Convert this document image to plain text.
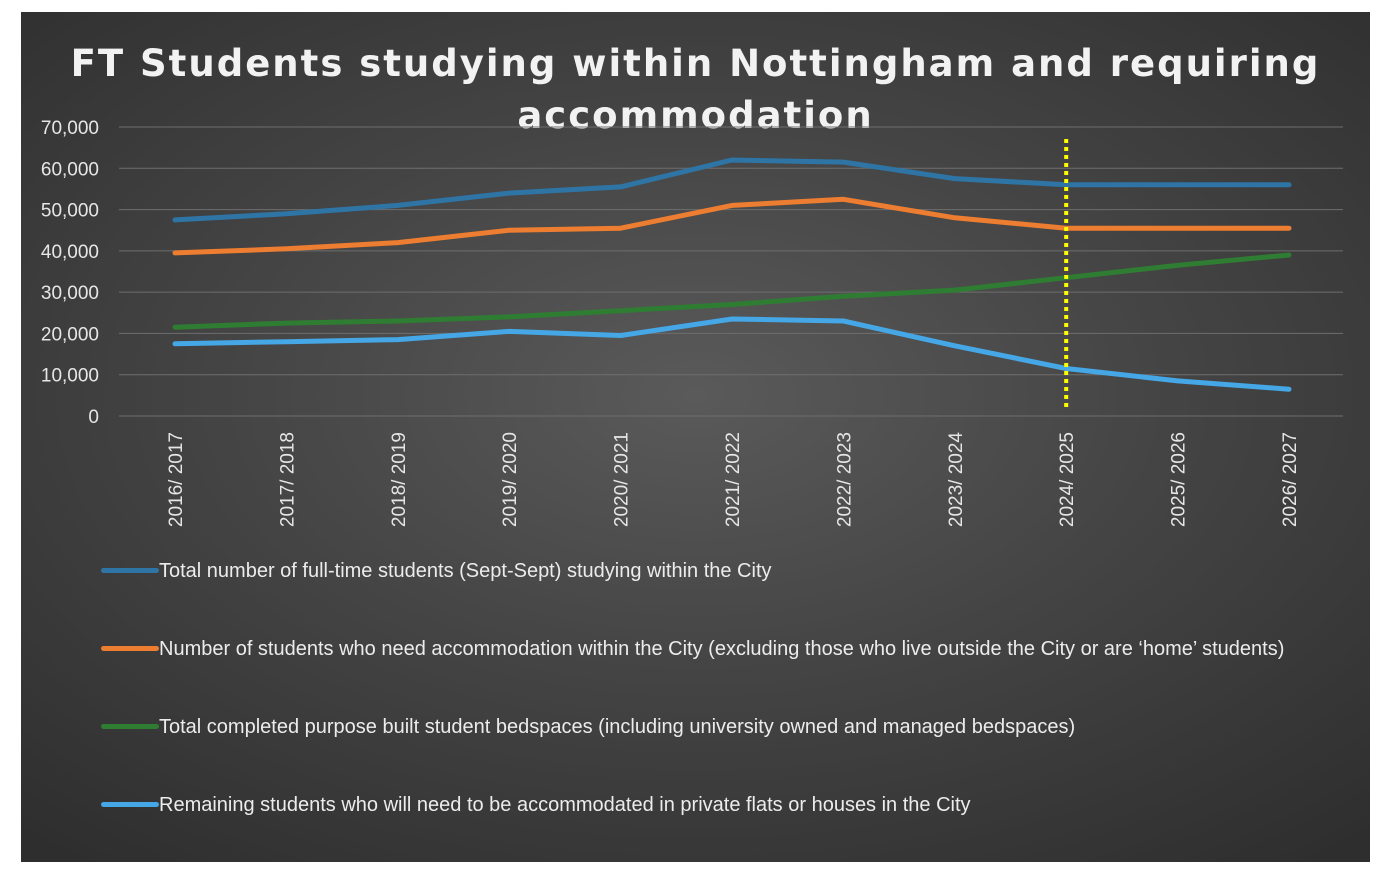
FT Students studying within Nottingham and requiring accommodation
0
10,000
20,000
30,000
40,000
50,000
60,000
70,000
2016/ 2017	2017/ 2018	2018/ 2019	2019/ 2020	2020/ 2021	2021/ 2022	2022/ 2023	2023/ 2024	2024/ 2025	2025/ 2026	2026/ 2027
Total number of full-time students (Sept-Sept) studying within the City
Number of students who need accommodation within the City (excluding those who live outside the City or are ‘home’ students)
Total completed purpose built student bedspaces (including university owned and managed bedspaces)
Remaining students who will need to be accommodated in private flats or houses in the City
